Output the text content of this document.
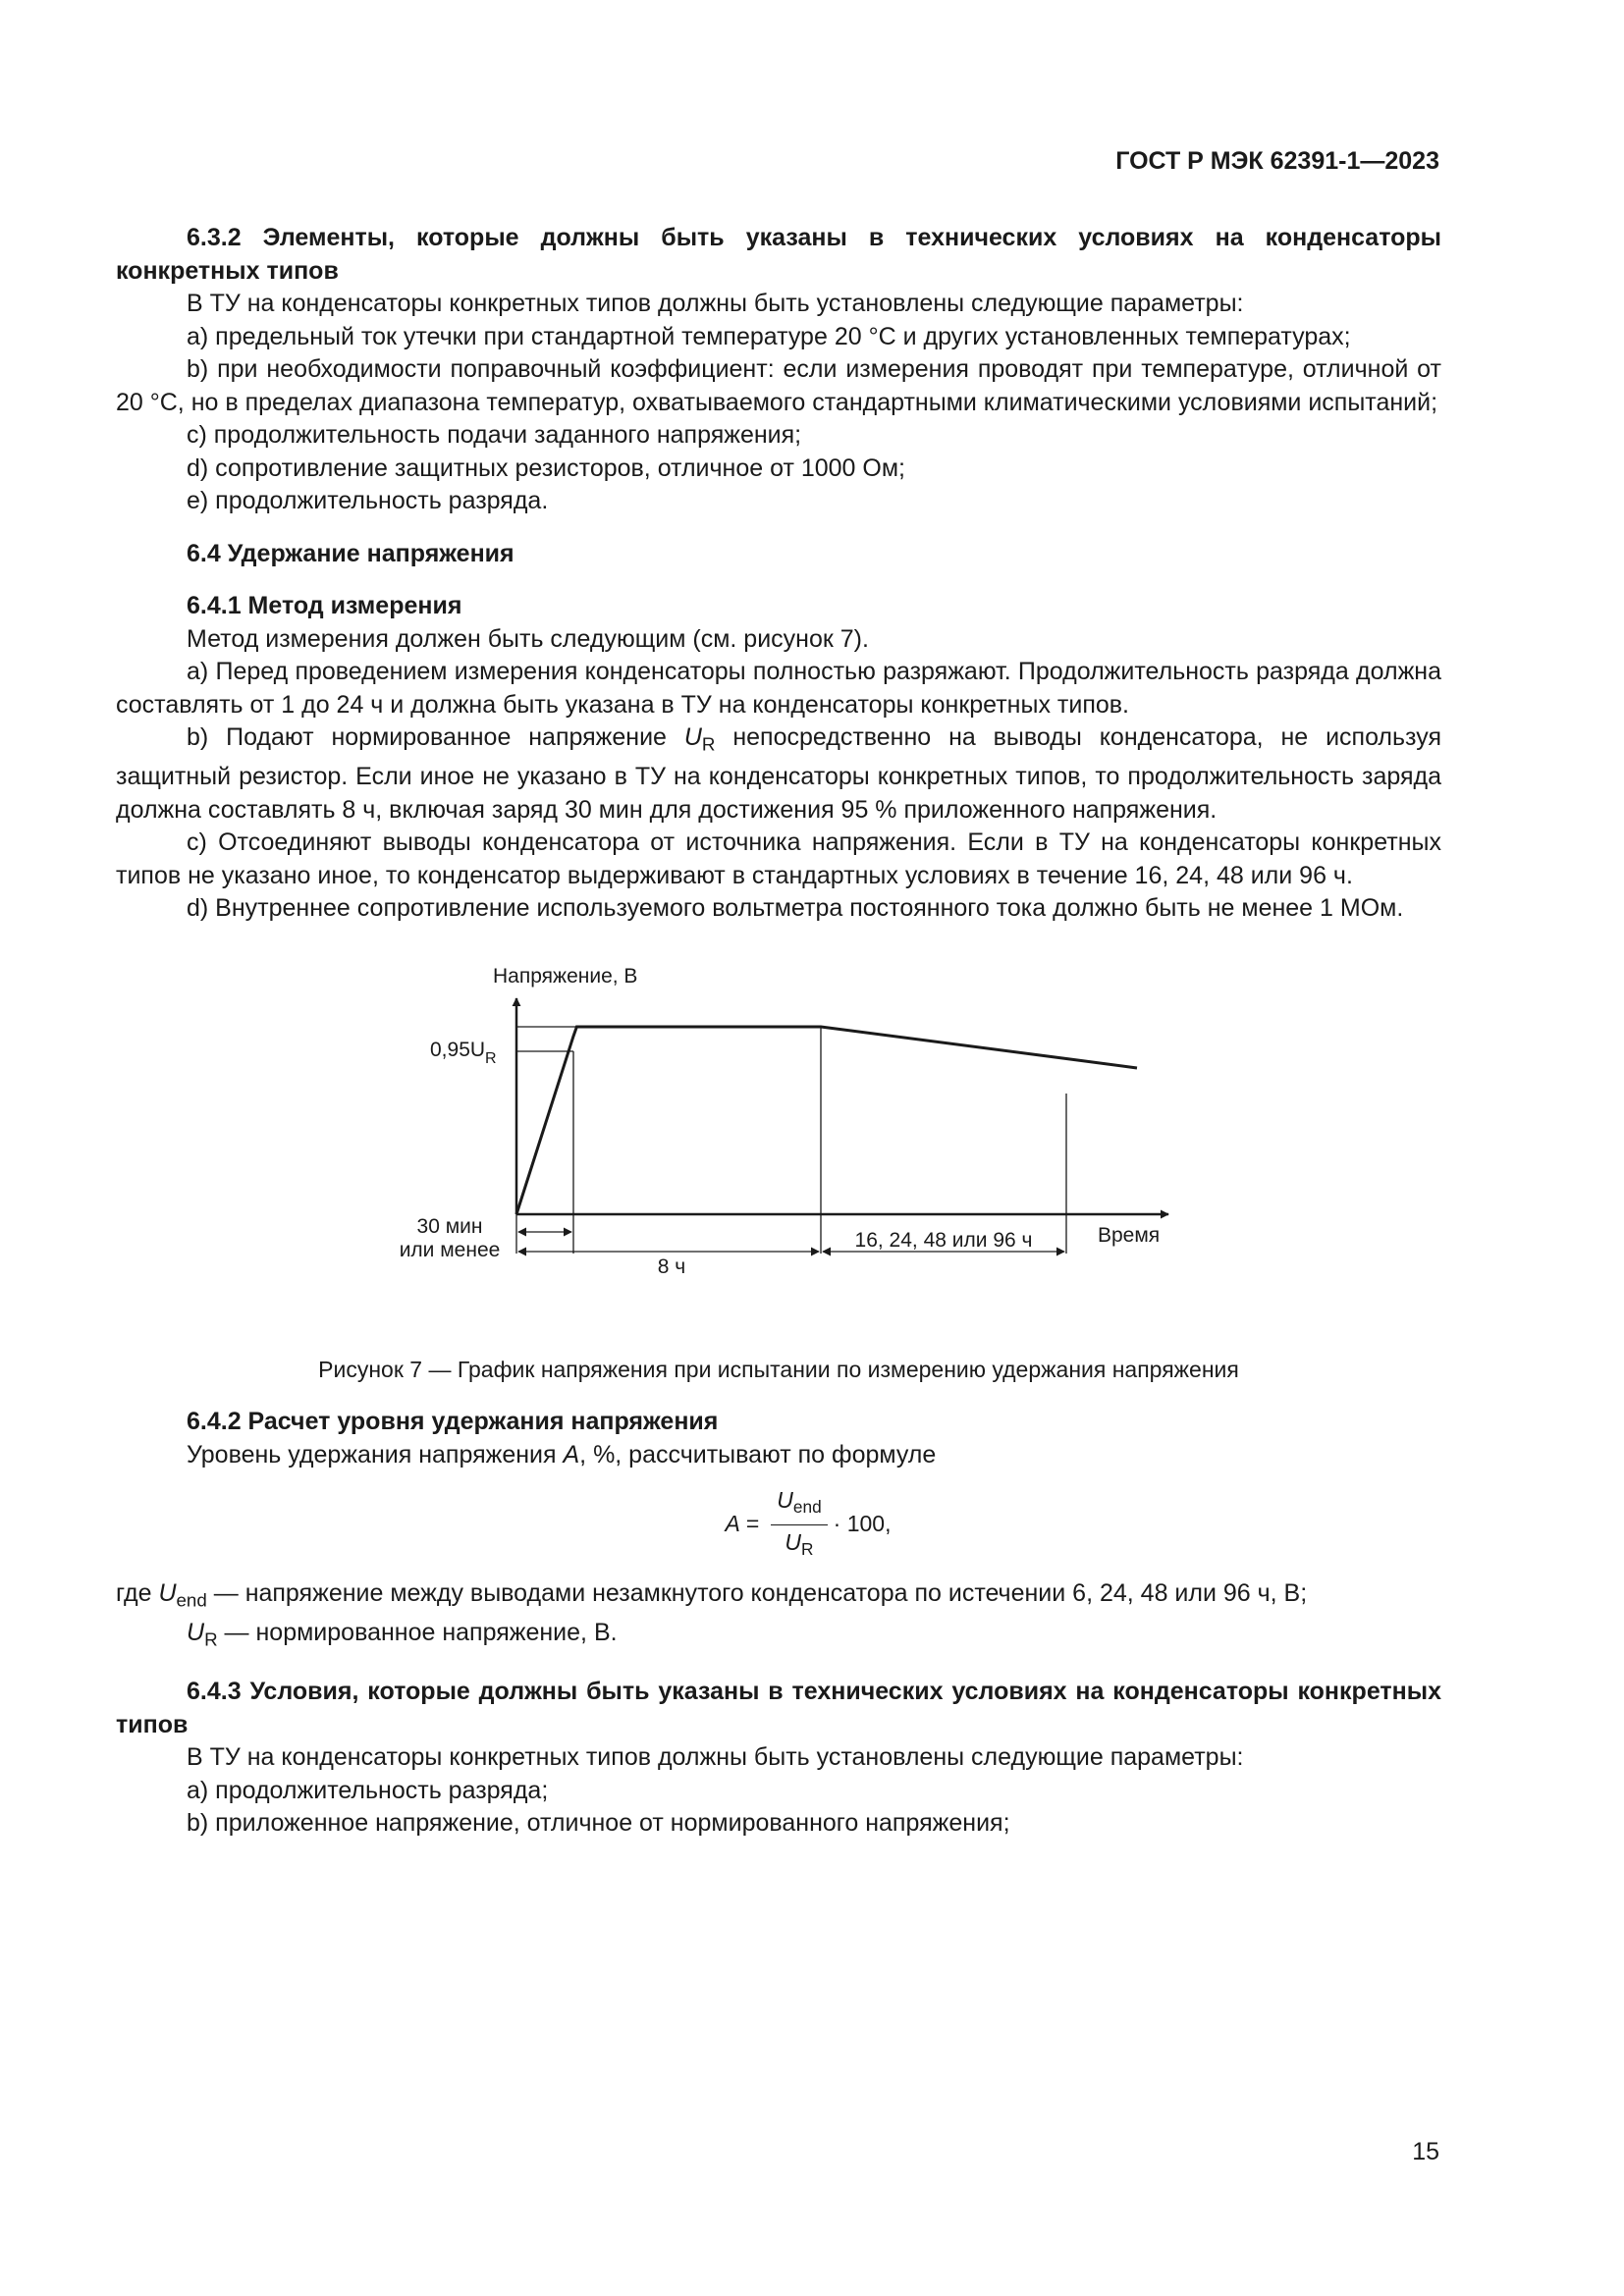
ГОСТ Р МЭК 62391-1—2023

6.3.2 Элементы, которые должны быть указаны в технических условиях на конденсаторы конкретных типов

В ТУ на конденсаторы конкретных типов должны быть установлены следующие параметры:

a) предельный ток утечки при стандартной температуре 20 °C и других установленных температурах;

b) при необходимости поправочный коэффициент: если измерения проводят при температуре, отличной от 20 °C, но в пределах диапазона температур, охватываемого стандартными климатическими условиями испытаний;

c) продолжительность подачи заданного напряжения;

d) сопротивление защитных резисторов, отличное от 1000 Ом;

e) продолжительность разряда.

6.4 Удержание напряжения

6.4.1 Метод измерения

Метод измерения должен быть следующим (см. рисунок 7).

a) Перед проведением измерения конденсаторы полностью разряжают. Продолжительность разряда должна составлять от 1 до 24 ч и должна быть указана в ТУ на конденсаторы конкретных типов.

b) Подают нормированное напряжение $U_R$ непосредственно на выводы конденсатора, не используя защитный резистор. Если иное не указано в ТУ на конденсаторы конкретных типов, то продолжительность заряда должна составлять 8 ч, включая заряд 30 мин для достижения 95 % приложенного напряжения.

c) Отсоединяют выводы конденсатора от источника напряжения. Если в ТУ на конденсаторы конкретных типов не указано иное, то конденсатор выдерживают в стандартных условиях в течение 16, 24, 48 или 96 ч.

d) Внутреннее сопротивление используемого вольтметра постоянного тока должно быть не менее 1 МОм.

Напряжение, В
Время
$0,95U_R$
30 мин
или менее
8 ч
16, 24, 48 или 96 ч

Рисунок 7 — График напряжения при испытании по измерению удержания напряжения

6.4.2 Расчет уровня удержания напряжения

Уровень удержания напряжения A, %, рассчитывают по формуле

$A = \frac{U_{end}}{U_R} \cdot 100$,

где $U_{end}$ — напряжение между выводами незамкнутого конденсатора по истечении 6, 24, 48 или 96 ч, В;

$U_R$ — нормированное напряжение, В.

6.4.3 Условия, которые должны быть указаны в технических условиях на конденсаторы конкретных типов

В ТУ на конденсаторы конкретных типов должны быть установлены следующие параметры:

a) продолжительность разряда;

b) приложенное напряжение, отличное от нормированного напряжения;

15
